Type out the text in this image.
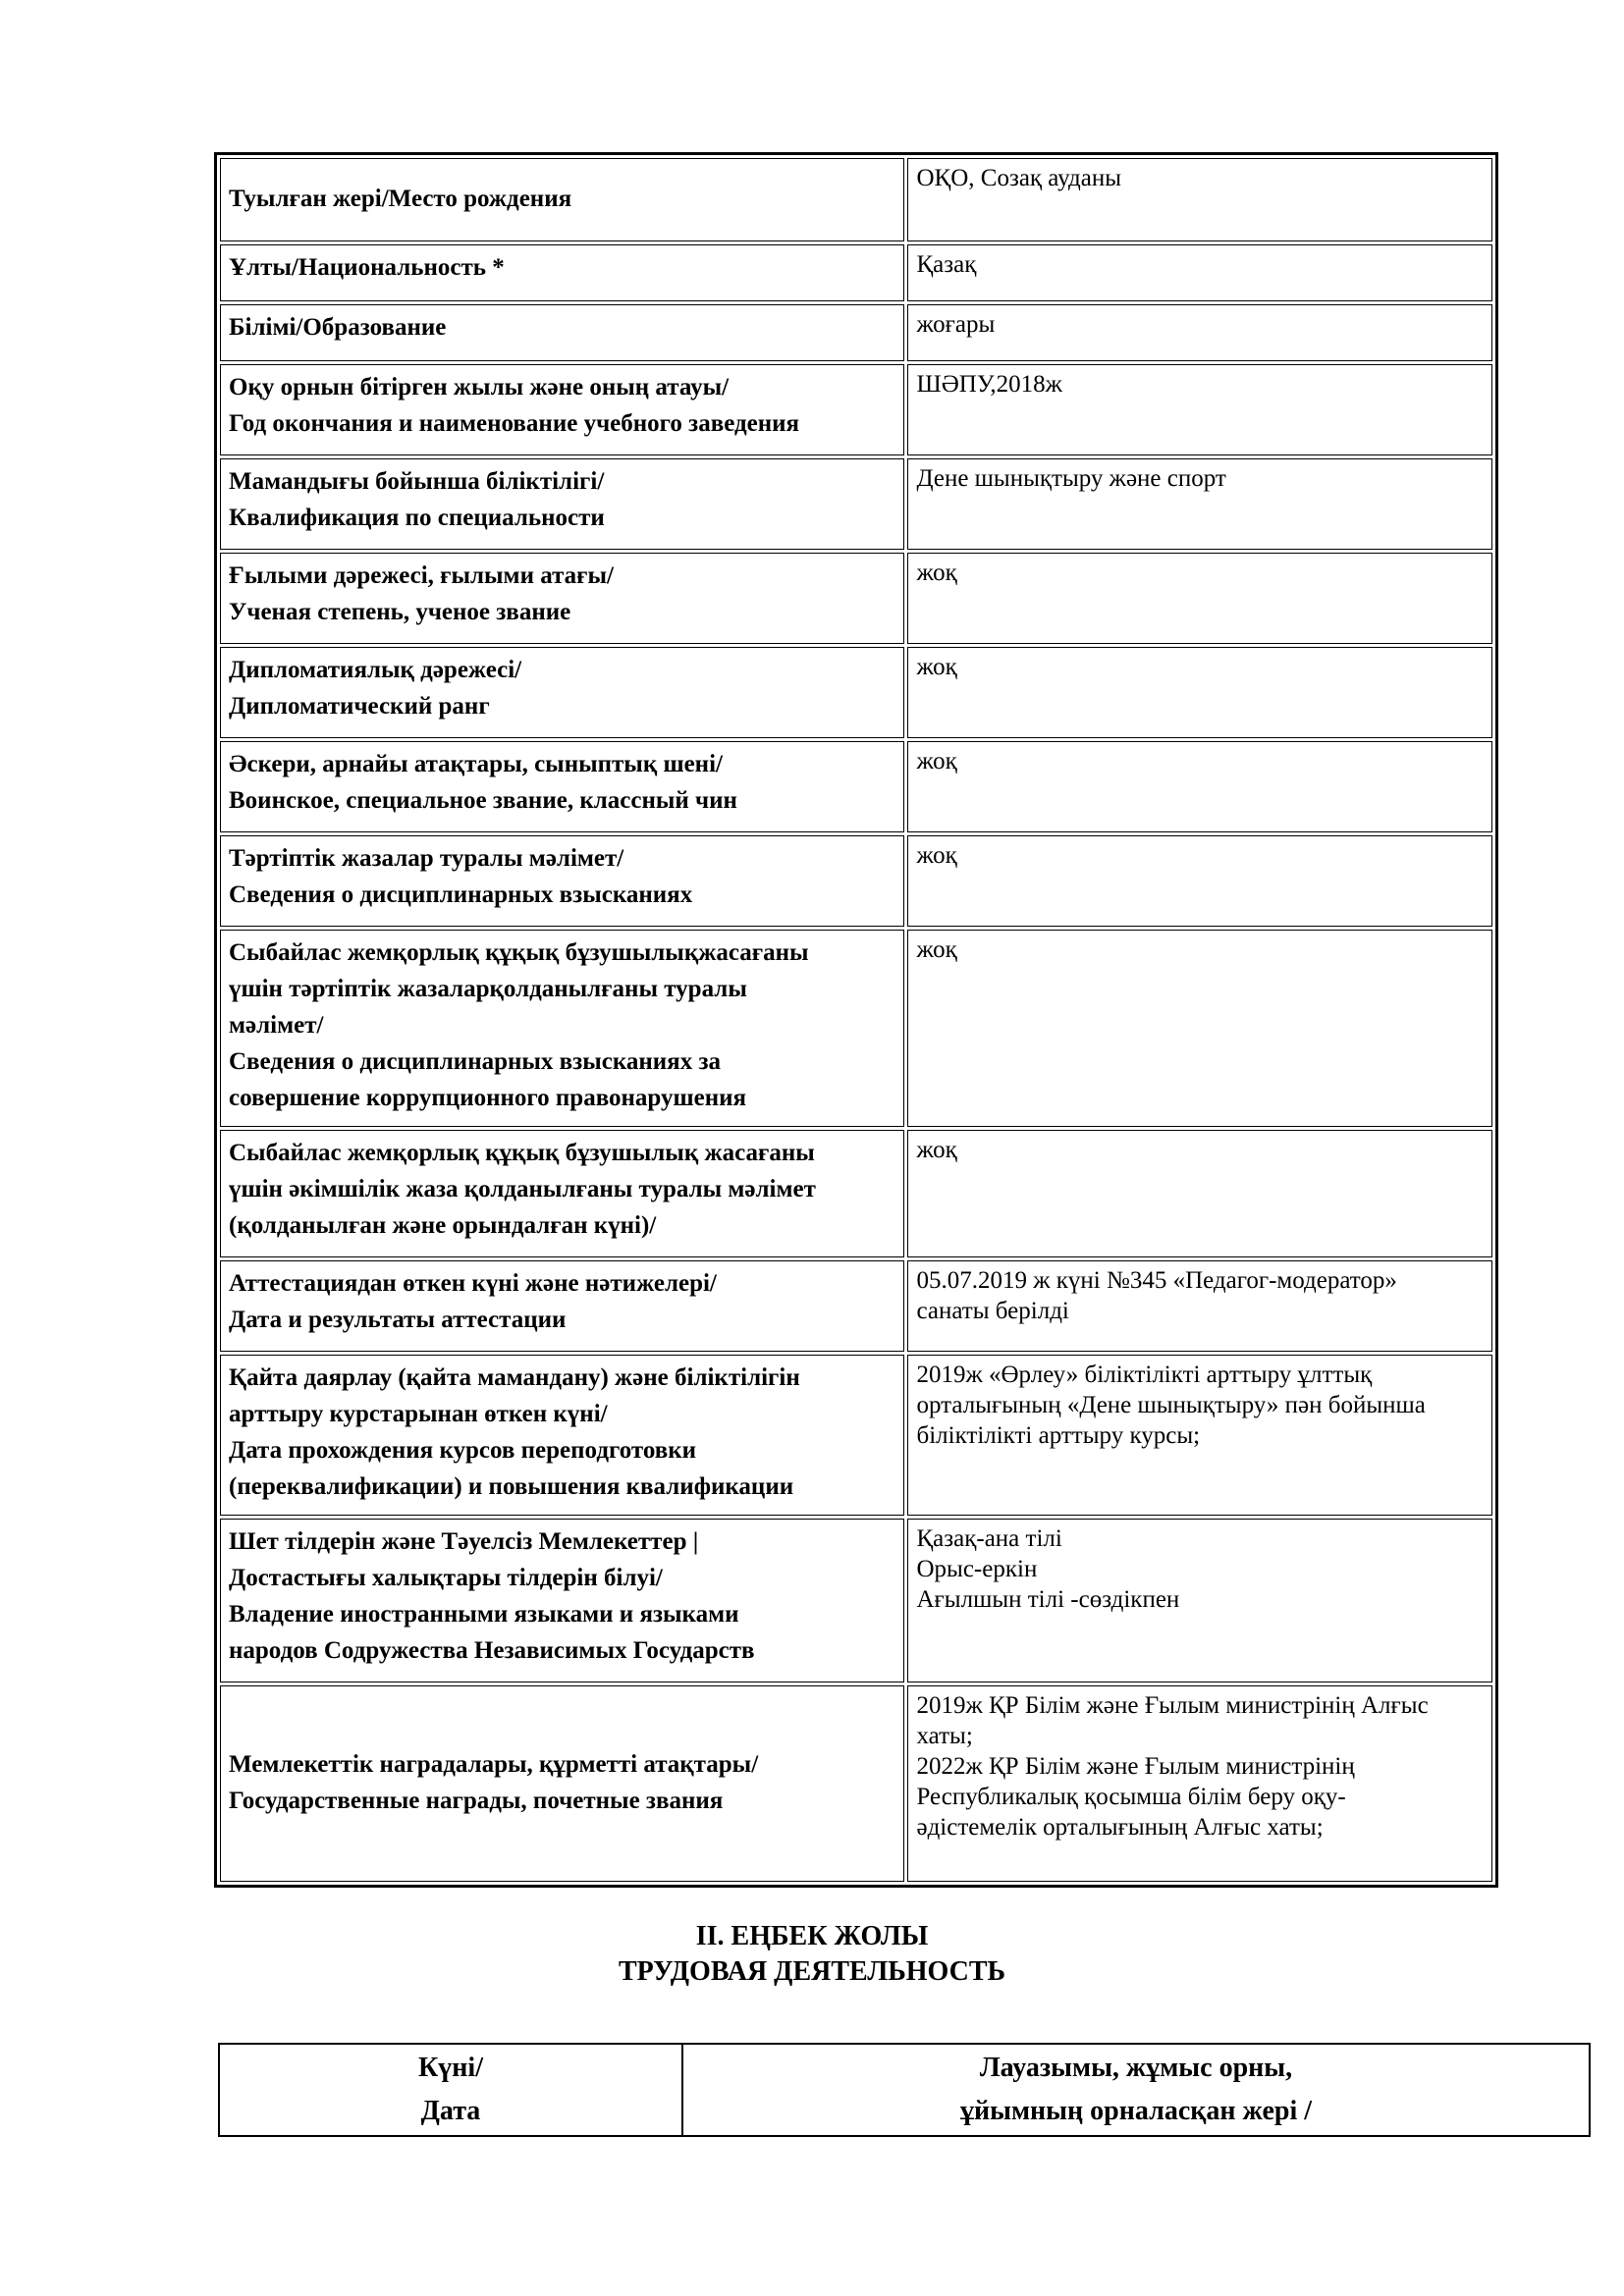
Туылған жері/Место рождения	ОҚО, Созақ ауданы

Ұлты/Национальность *	Қазақ

Білімі/Образование	жоғары

Оқу орнын бітірген жылы және оның атауы/
Год окончания и наименование учебного заведения	ШӘПУ,2018ж

Мамандығы бойынша біліктілігі/
Квалификация по специальности	Дене шынықтыру және спорт

Ғылыми дәрежесі, ғылыми атағы/
Ученая степень, ученое звание	жоқ

Дипломатиялық дәрежесі/
Дипломатический ранг	жоқ

Әскери, арнайы атақтары, сыныптық шені/
Воинское, специальное звание, классный чин	жоқ

Тәртіптік жазалар туралы мәлімет/
Сведения о дисциплинарных взысканиях	жоқ

Сыбайлас жемқорлық құқық бұзушылықжасағаны
үшін тәртіптік жазаларқолданылғаны туралы
мәлімет/
Сведения о дисциплинарных взысканиях за
совершение коррупционного правонарушения	жоқ

Сыбайлас жемқорлық құқық бұзушылық жасағаны
үшін әкімшілік жаза қолданылғаны туралы мәлімет
(қолданылған және орындалған күні)/	жоқ

Аттестациядан өткен күні және нәтижелері/
Дата и результаты аттестации	05.07.2019 ж күні №345 «Педагог-модератор»
санаты берілді

Қайта даярлау (қайта мамандану) және біліктілігін
арттыру курстарынан өткен күні/
Дата прохождения курсов переподготовки
(переквалификации) и повышения квалификации	2019ж «Өрлеу» біліктілікті арттыру ұлттық
орталығының «Дене шынықтыру» пән бойынша
біліктілікті арттыру курсы;

Шет тілдерін және Тәуелсіз Мемлекеттер |
Достастығы халықтары тілдерін білуі/
Владение иностранными языками и языками
народов Содружества Независимых Государств	Қазақ-ана тілі
Орыс-еркін
Ағылшын тілі -сөздікпен

Мемлекеттік наградалары, құрметті атақтары/
Государственные награды, почетные звания	2019ж ҚР Білім және Ғылым министрінің Алғыс
хаты;
2022ж ҚР Білім және Ғылым министрінің
Республикалық қосымша білім беру оқу-
әдістемелік орталығының Алғыс хаты;
ІІ. ЕҢБЕК ЖОЛЫ
ТРУДОВАЯ ДЕЯТЕЛЬНОСТЬ
Күні/
Дата

Лауазымы, жұмыс орны,
ұйымның орналасқан жері /
